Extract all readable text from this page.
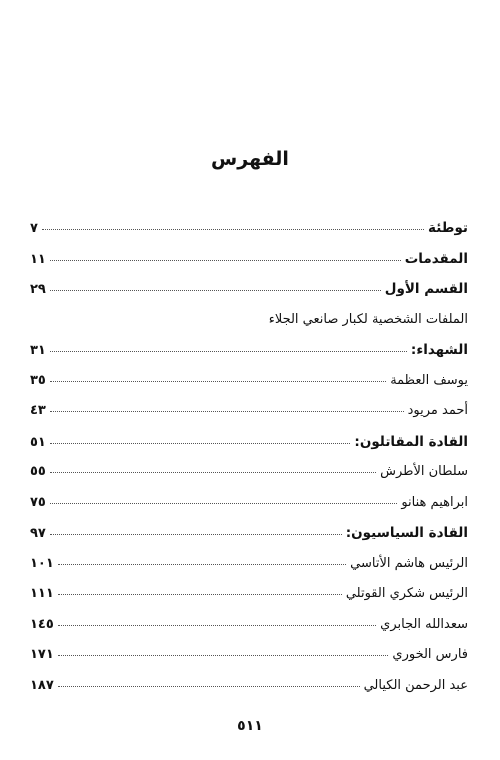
الفهرس
توطئة
٧
المقدمات
١١
القسم الأول
٢٩
الملفات الشخصية لكبار صانعي الجلاء
الشهداء:
٣١
يوسف العظمة
٣٥
أحمد مريود
٤٣
القادة المقاتلون:
٥١
سلطان الأطرش
٥٥
ابراهيم هنانو
٧٥
القادة السياسيون:
٩٧
الرئيس هاشم الأتاسي
١٠١
الرئيس شكري القوتلي
١١١
سعدالله الجابري
١٤٥
فارس الخوري
١٧١
عبد الرحمن الكيالي
١٨٧
٥١١
